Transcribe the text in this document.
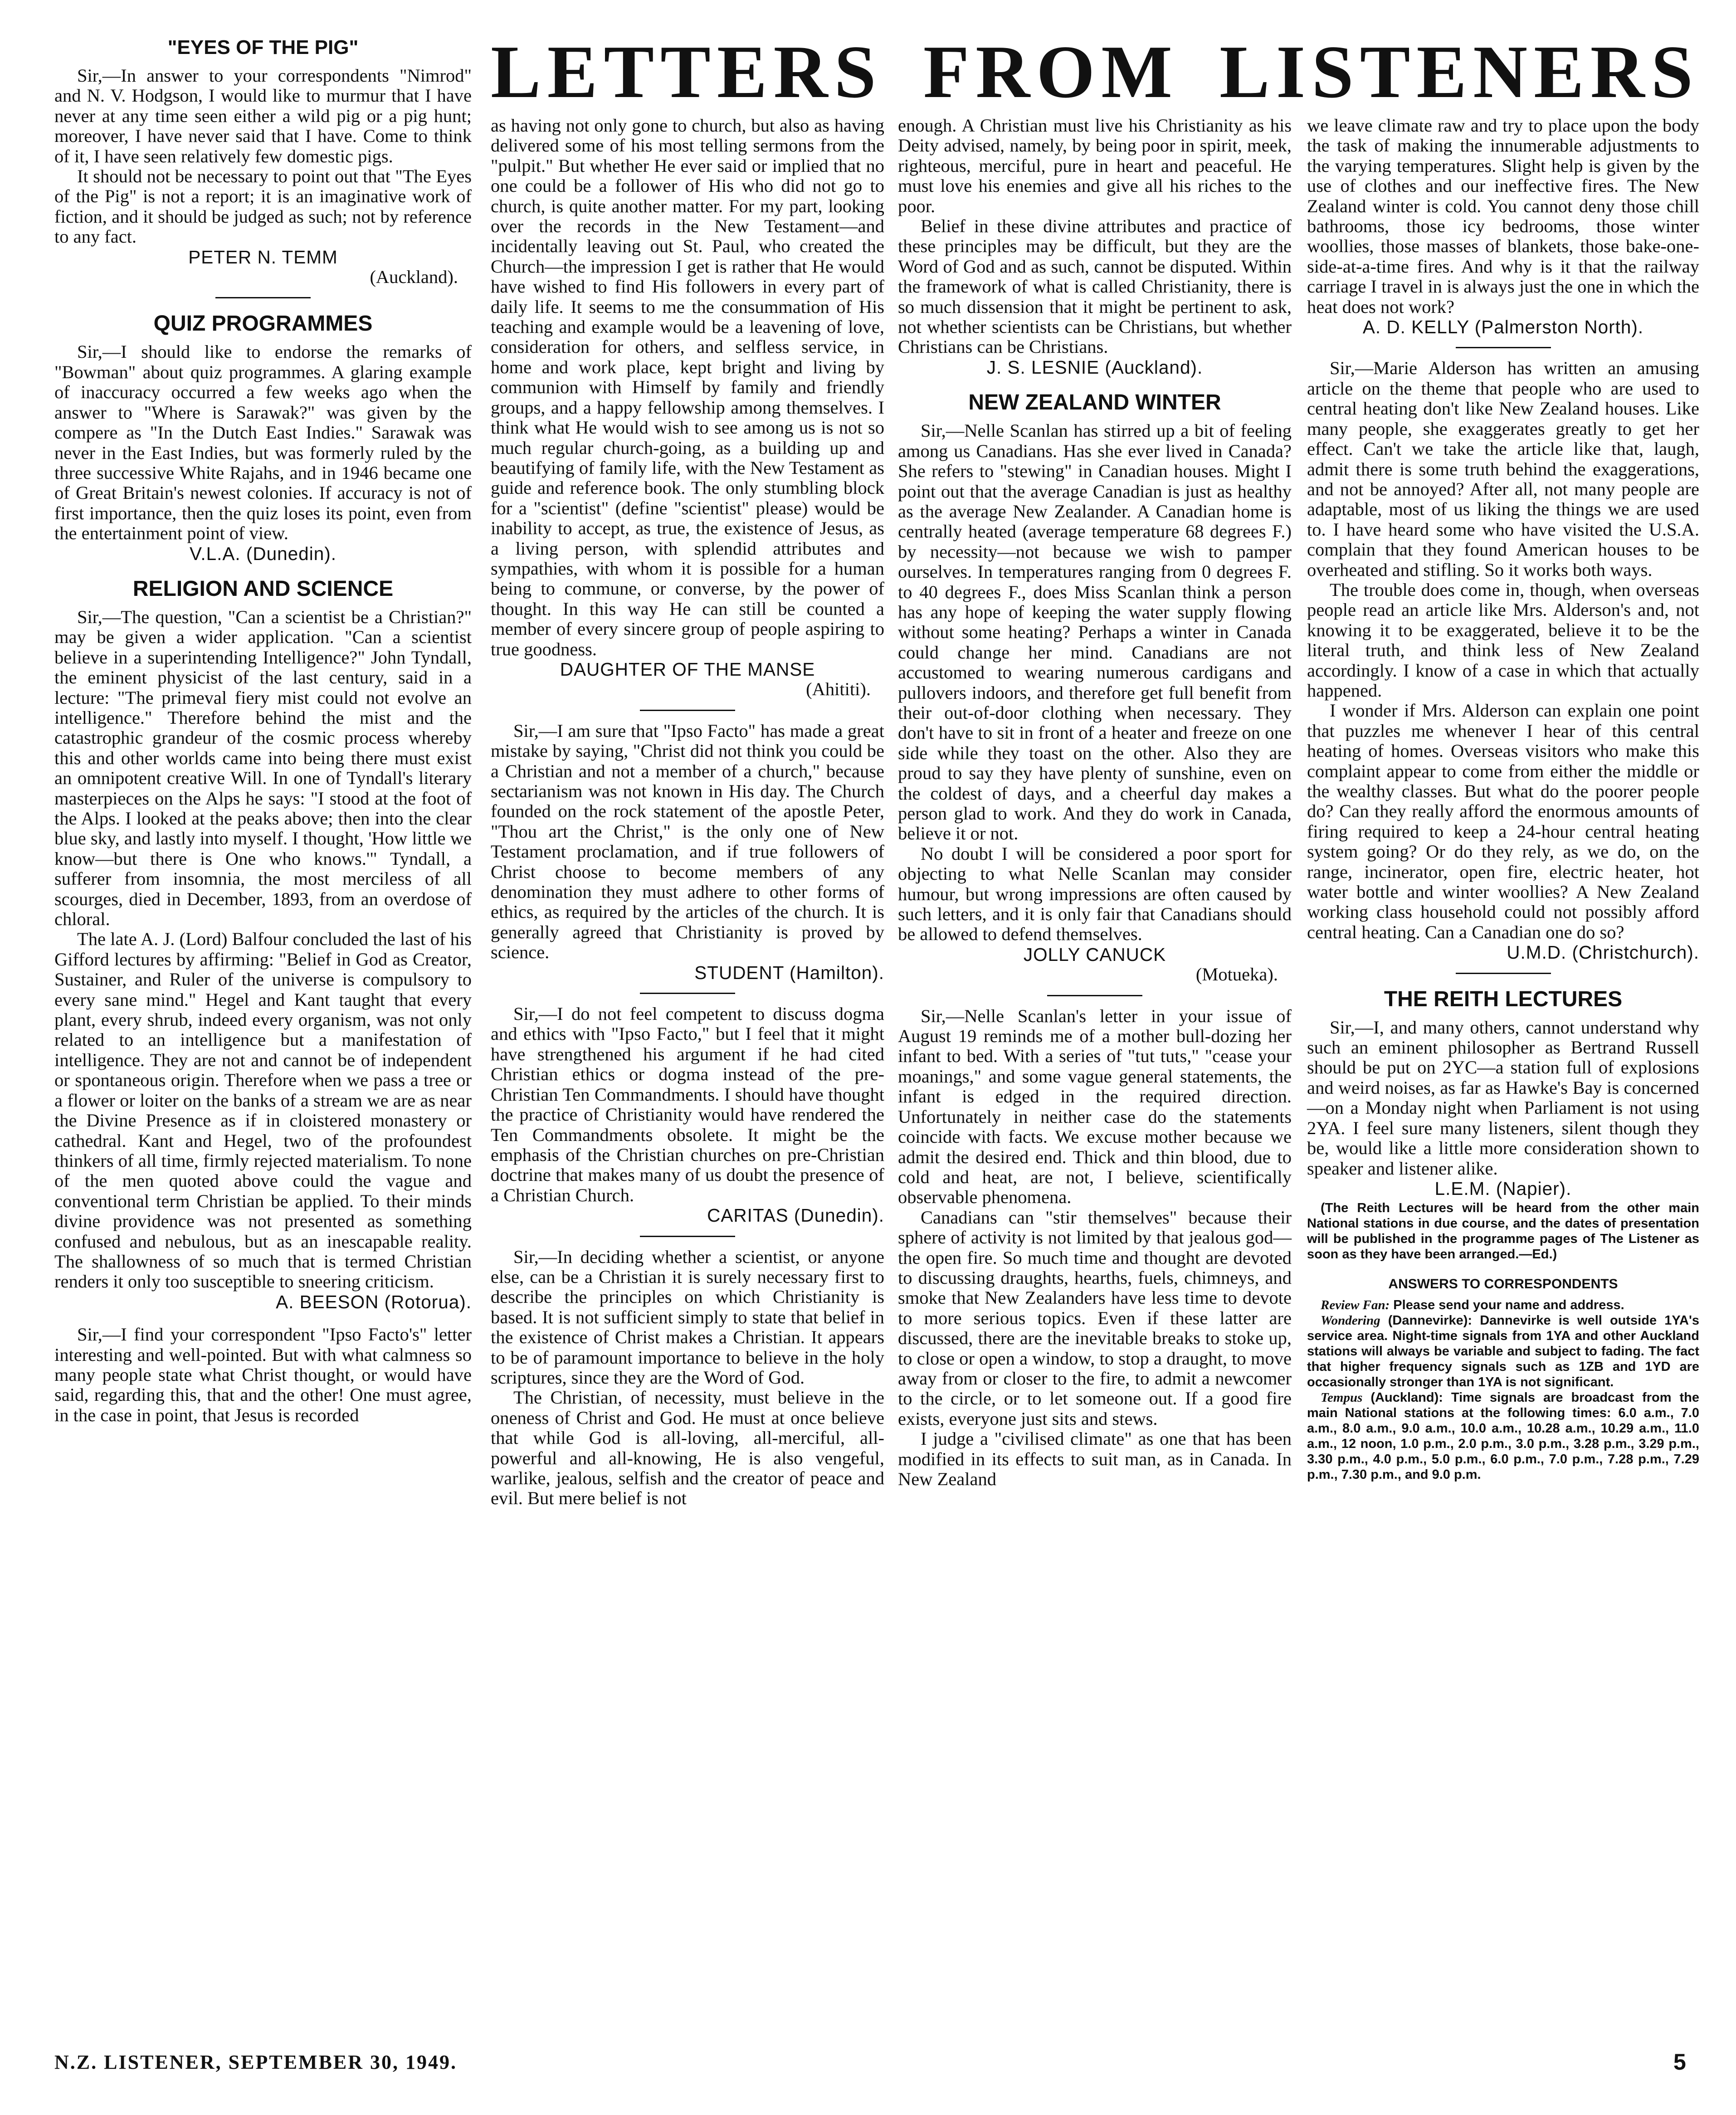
LETTERS FROM LISTENERS
"EYES OF THE PIG"

Sir,—In answer to your correspondents "Nimrod" and N. V. Hodgson, I would like to murmur that I have never at any time seen either a wild pig or a pig hunt; moreover, I have never said that I have. Come to think of it, I have seen relatively few domestic pigs.

It should not be necessary to point out that "The Eyes of the Pig" is not a report; it is an imaginative work of fiction, and it should be judged as such; not by reference to any fact.

PETER N. TEMM

(Auckland).

QUIZ PROGRAMMES

Sir,—I should like to endorse the remarks of "Bowman" about quiz programmes. A glaring example of inaccuracy occurred a few weeks ago when the answer to "Where is Sarawak?" was given by the compere as "In the Dutch East Indies." Sarawak was never in the East Indies, but was formerly ruled by the three successive White Rajahs, and in 1946 became one of Great Britain's newest colonies. If accuracy is not of first importance, then the quiz loses its point, even from the entertainment point of view.

V.L.A. (Dunedin).

RELIGION AND SCIENCE

Sir,—The question, "Can a scientist be a Christian?" may be given a wider application. "Can a scientist believe in a superintending Intelligence?" John Tyndall, the eminent physicist of the last century, said in a lecture: "The primeval fiery mist could not evolve an intelligence." Therefore behind the mist and the catastrophic grandeur of the cosmic process whereby this and other worlds came into being there must exist an omnipotent creative Will. In one of Tyndall's literary masterpieces on the Alps he says: "I stood at the foot of the Alps. I looked at the peaks above; then into the clear blue sky, and lastly into myself. I thought, 'How little we know—but there is One who knows.'" Tyndall, a sufferer from insomnia, the most merciless of all scourges, died in December, 1893, from an overdose of chloral.

The late A. J. (Lord) Balfour concluded the last of his Gifford lectures by affirming: "Belief in God as Creator, Sustainer, and Ruler of the universe is compulsory to every sane mind." Hegel and Kant taught that every plant, every shrub, indeed every organism, was not only related to an intelligence but a manifestation of intelligence. They are not and cannot be of independent or spontaneous origin. Therefore when we pass a tree or a flower or loiter on the banks of a stream we are as near the Divine Presence as if in cloistered monastery or cathedral. Kant and Hegel, two of the profoundest thinkers of all time, firmly rejected materialism. To none of the men quoted above could the vague and conventional term Christian be applied. To their minds divine providence was not presented as something confused and nebulous, but as an inescapable reality. The shallowness of so much that is termed Christian renders it only too susceptible to sneering criticism.

A. BEESON (Rotorua).

Sir,—I find your correspondent "Ipso Facto's" letter interesting and well-pointed. But with what calmness so many people state what Christ thought, or would have said, regarding this, that and the other! One must agree, in the case in point, that Jesus is recorded

as having not only gone to church, but also as having delivered some of his most telling sermons from the "pulpit." But whether He ever said or implied that no one could be a follower of His who did not go to church, is quite another matter. For my part, looking over the records in the New Testament—and incidentally leaving out St. Paul, who created the Church—the impression I get is rather that He would have wished to find His followers in every part of daily life. It seems to me the consummation of His teaching and example would be a leavening of love, consideration for others, and selfless service, in home and work place, kept bright and living by communion with Himself by family and friendly groups, and a happy fellowship among themselves. I think what He would wish to see among us is not so much regular church-going, as a building up and beautifying of family life, with the New Testament as guide and reference book. The only stumbling block for a "scientist" (define "scientist" please) would be inability to accept, as true, the existence of Jesus, as a living person, with splendid attributes and sympathies, with whom it is possible for a human being to commune, or converse, by the power of thought. In this way He can still be counted a member of every sincere group of people aspiring to true goodness.

DAUGHTER OF THE MANSE

(Ahititi).

Sir,—I am sure that "Ipso Facto" has made a great mistake by saying, "Christ did not think you could be a Christian and not a member of a church," because sectarianism was not known in His day. The Church founded on the rock statement of the apostle Peter, "Thou art the Christ," is the only one of New Testament proclamation, and if true followers of Christ choose to become members of any denomination they must adhere to other forms of ethics, as required by the articles of the church. It is generally agreed that Christianity is proved by science.

STUDENT (Hamilton).

Sir,—I do not feel competent to discuss dogma and ethics with "Ipso Facto," but I feel that it might have strengthened his argument if he had cited Christian ethics or dogma instead of the pre-Christian Ten Commandments. I should have thought the practice of Christianity would have rendered the Ten Commandments obsolete. It might be the emphasis of the Christian churches on pre-Christian doctrine that makes many of us doubt the presence of a Christian Church.

CARITAS (Dunedin).

Sir,—In deciding whether a scientist, or anyone else, can be a Christian it is surely necessary first to describe the principles on which Christianity is based. It is not sufficient simply to state that belief in the existence of Christ makes a Christian. It appears to be of paramount importance to believe in the holy scriptures, since they are the Word of God.

The Christian, of necessity, must believe in the oneness of Christ and God. He must at once believe that while God is all-loving, all-merciful, all-powerful and all-knowing, He is also vengeful, warlike, jealous, selfish and the creator of peace and evil. But mere belief is not

enough. A Christian must live his Christianity as his Deity advised, namely, by being poor in spirit, meek, righteous, merciful, pure in heart and peaceful. He must love his enemies and give all his riches to the poor.

Belief in these divine attributes and practice of these principles may be difficult, but they are the Word of God and as such, cannot be disputed. Within the framework of what is called Christianity, there is so much dissension that it might be pertinent to ask, not whether scientists can be Christians, but whether Christians can be Christians.

J. S. LESNIE (Auckland).

NEW ZEALAND WINTER

Sir,—Nelle Scanlan has stirred up a bit of feeling among us Canadians. Has she ever lived in Canada? She refers to "stewing" in Canadian houses. Might I point out that the average Canadian is just as healthy as the average New Zealander. A Canadian home is centrally heated (average temperature 68 degrees F.) by necessity—not because we wish to pamper ourselves. In temperatures ranging from 0 degrees F. to 40 degrees F., does Miss Scanlan think a person has any hope of keeping the water supply flowing without some heating? Perhaps a winter in Canada could change her mind. Canadians are not accustomed to wearing numerous cardigans and pullovers indoors, and therefore get full benefit from their out-of-door clothing when necessary. They don't have to sit in front of a heater and freeze on one side while they toast on the other. Also they are proud to say they have plenty of sunshine, even on the coldest of days, and a cheerful day makes a person glad to work. And they do work in Canada, believe it or not.

No doubt I will be considered a poor sport for objecting to what Nelle Scanlan may consider humour, but wrong impressions are often caused by such letters, and it is only fair that Canadians should be allowed to defend themselves.

JOLLY CANUCK

(Motueka).

Sir,—Nelle Scanlan's letter in your issue of August 19 reminds me of a mother bull-dozing her infant to bed. With a series of "tut tuts," "cease your moanings," and some vague general statements, the infant is edged in the required direction. Unfortunately in neither case do the statements coincide with facts. We excuse mother because we admit the desired end. Thick and thin blood, due to cold and heat, are not, I believe, scientifically observable phenomena.

Canadians can "stir themselves" because their sphere of activity is not limited by that jealous god—the open fire. So much time and thought are devoted to discussing draughts, hearths, fuels, chimneys, and smoke that New Zealanders have less time to devote to more serious topics. Even if these latter are discussed, there are the inevitable breaks to stoke up, to close or open a window, to stop a draught, to move away from or closer to the fire, to admit a newcomer to the circle, or to let someone out. If a good fire exists, everyone just sits and stews.

I judge a "civilised climate" as one that has been modified in its effects to suit man, as in Canada. In New Zealand

we leave climate raw and try to place upon the body the task of making the innumerable adjustments to the varying temperatures. Slight help is given by the use of clothes and our ineffective fires. The New Zealand winter is cold. You cannot deny those chill bathrooms, those icy bedrooms, those winter woollies, those masses of blankets, those bake-one-side-at-a-time fires. And why is it that the railway carriage I travel in is always just the one in which the heat does not work?

A. D. KELLY (Palmerston North).

Sir,—Marie Alderson has written an amusing article on the theme that people who are used to central heating don't like New Zealand houses. Like many people, she exaggerates greatly to get her effect. Can't we take the article like that, laugh, admit there is some truth behind the exaggerations, and not be annoyed? After all, not many people are adaptable, most of us liking the things we are used to. I have heard some who have visited the U.S.A. complain that they found American houses to be overheated and stifling. So it works both ways.

The trouble does come in, though, when overseas people read an article like Mrs. Alderson's and, not knowing it to be exaggerated, believe it to be the literal truth, and think less of New Zealand accordingly. I know of a case in which that actually happened.

I wonder if Mrs. Alderson can explain one point that puzzles me whenever I hear of this central heating of homes. Overseas visitors who make this complaint appear to come from either the middle or the wealthy classes. But what do the poorer people do? Can they really afford the enormous amounts of firing required to keep a 24-hour central heating system going? Or do they rely, as we do, on the range, incinerator, open fire, electric heater, hot water bottle and winter woollies? A New Zealand working class household could not possibly afford central heating. Can a Canadian one do so?

U.M.D. (Christchurch).

THE REITH LECTURES

Sir,—I, and many others, cannot understand why such an eminent philosopher as Bertrand Russell should be put on 2YC—a station full of explosions and weird noises, as far as Hawke's Bay is concerned—on a Monday night when Parliament is not using 2YA. I feel sure many listeners, silent though they be, would like a little more consideration shown to speaker and listener alike.

L.E.M. (Napier).

(The Reith Lectures will be heard from the other main National stations in due course, and the dates of presentation will be published in the programme pages of The Listener as soon as they have been arranged.—Ed.)

ANSWERS TO CORRESPONDENTS

Review Fan: Please send your name and address.

Wondering (Dannevirke): Dannevirke is well outside 1YA's service area. Night-time signals from 1YA and other Auckland stations will always be variable and subject to fading. The fact that higher frequency signals such as 1ZB and 1YD are occasionally stronger than 1YA is not significant.

Tempus (Auckland): Time signals are broadcast from the main National stations at the following times: 6.0 a.m., 7.0 a.m., 8.0 a.m., 9.0 a.m., 10.0 a.m., 10.28 a.m., 10.29 a.m., 11.0 a.m., 12 noon, 1.0 p.m., 2.0 p.m., 3.0 p.m., 3.28 p.m., 3.29 p.m., 3.30 p.m., 4.0 p.m., 5.0 p.m., 6.0 p.m., 7.0 p.m., 7.28 p.m., 7.29 p.m., 7.30 p.m., and 9.0 p.m.

N.Z. LISTENER, SEPTEMBER 30, 1949.	5
